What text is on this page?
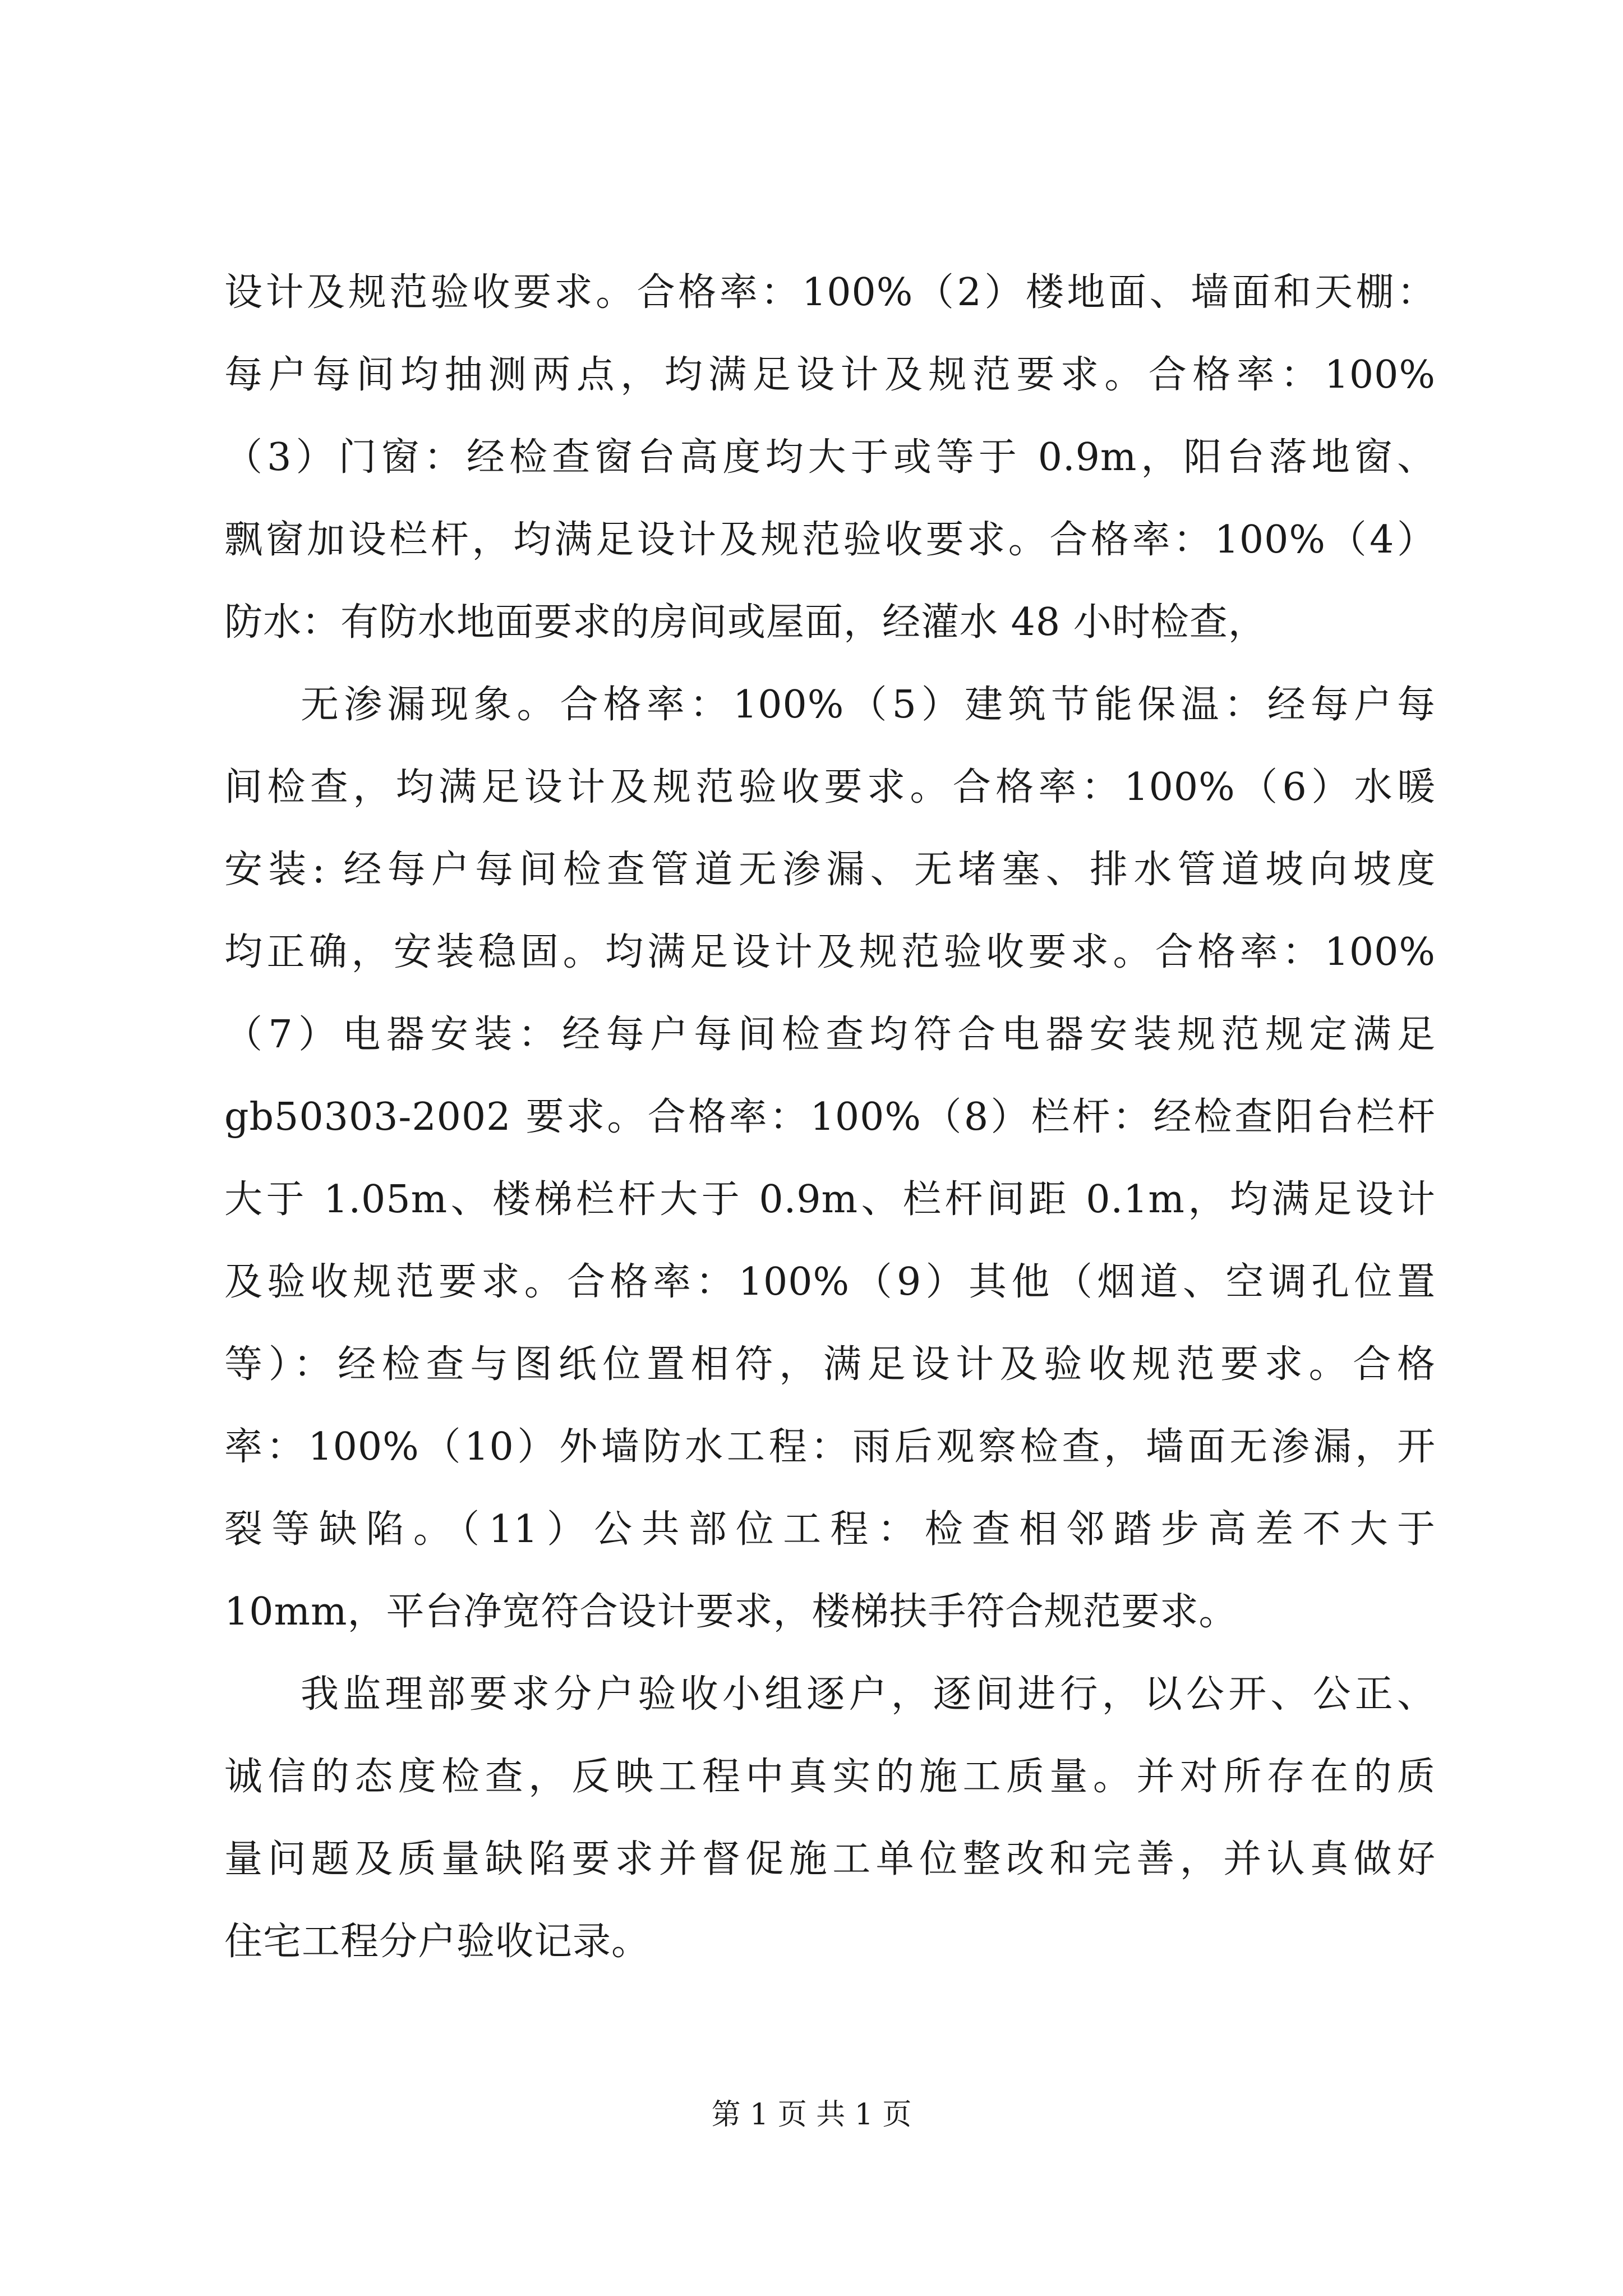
设计及规范验收要求。合格率：100%（2）楼地面、墙面和天棚：
每户每间均抽测两点，均满足设计及规范要求。合格率：100%
（3）门窗：经检查窗台高度均大于或等于 0.9m，阳台落地窗、
飘窗加设栏杆，均满足设计及规范验收要求。合格率：100%（4）
防水：有防水地面要求的房间或屋面，经灌水 48 小时检查，
无渗漏现象。合格率：100%（5）建筑节能保温：经每户每
间检查，均满足设计及规范验收要求。合格率：100%（6）水暖
安装: 经每户每间检查管道无渗漏、无堵塞、排水管道坡向坡度
均正确，安装稳固。均满足设计及规范验收要求。合格率：100%
（7）电器安装：经每户每间检查均符合电器安装规范规定满足
gb50303-2002 要求。合格率：100%（8）栏杆：经检查阳台栏杆
大于 1.05m、楼梯栏杆大于 0.9m、栏杆间距 0.1m，均满足设计
及验收规范要求。合格率：100%（9）其他（烟道、空调孔位置
等）：经检查与图纸位置相符，满足设计及验收规范要求。合格
率：100%（10）外墙防水工程：雨后观察检查，墙面无渗漏，开
裂等缺陷。（11）公共部位工程：检查相邻踏步高差不大于
10mm，平台净宽符合设计要求，楼梯扶手符合规范要求。
我监理部要求分户验收小组逐户，逐间进行，以公开、公正、
诚信的态度检查，反映工程中真实的施工质量。并对所存在的质
量问题及质量缺陷要求并督促施工单位整改和完善，并认真做好
住宅工程分户验收记录。
第 1 页 共 1 页
